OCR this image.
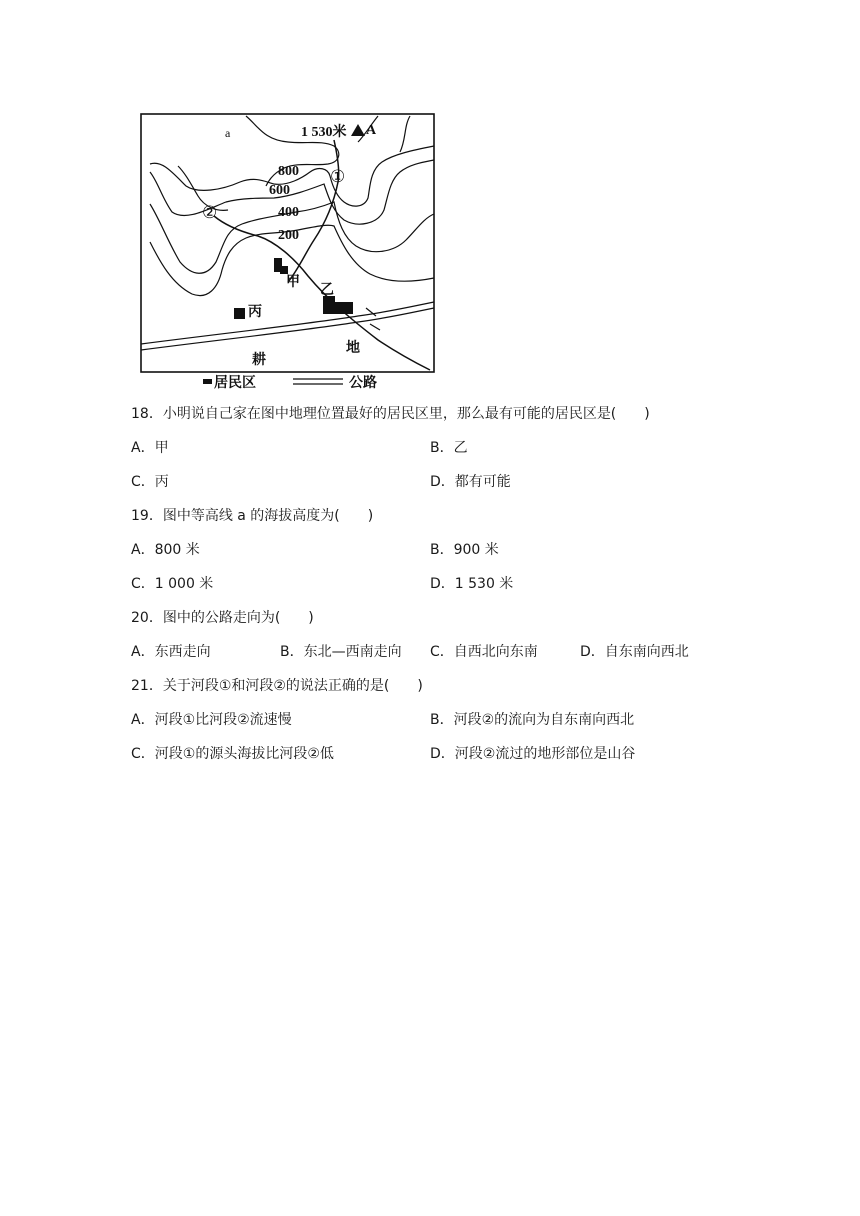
1 530米 A
a
800
600
400
200
①
②
甲 乙
丙
耕
地
居民区	公路
18．小明说自己家在图中地理位置最好的居民区里，那么最有可能的居民区是(　　)
A．甲	B．乙
C．丙	D．都有可能
19．图中等高线 a 的海拔高度为(　　)
A．800 米	B．900 米
C．1 000 米	D．1 530 米
20．图中的公路走向为(　　)
A．东西走向	B．东北—西南走向 C．自西北向东南	D．自东南向西北
21．关于河段①和河段②的说法正确的是(　　)
A．河段①比河段②流速慢	B．河段②的流向为自东南向西北
C．河段①的源头海拔比河段②低	D．河段②流过的地形部位是山谷
